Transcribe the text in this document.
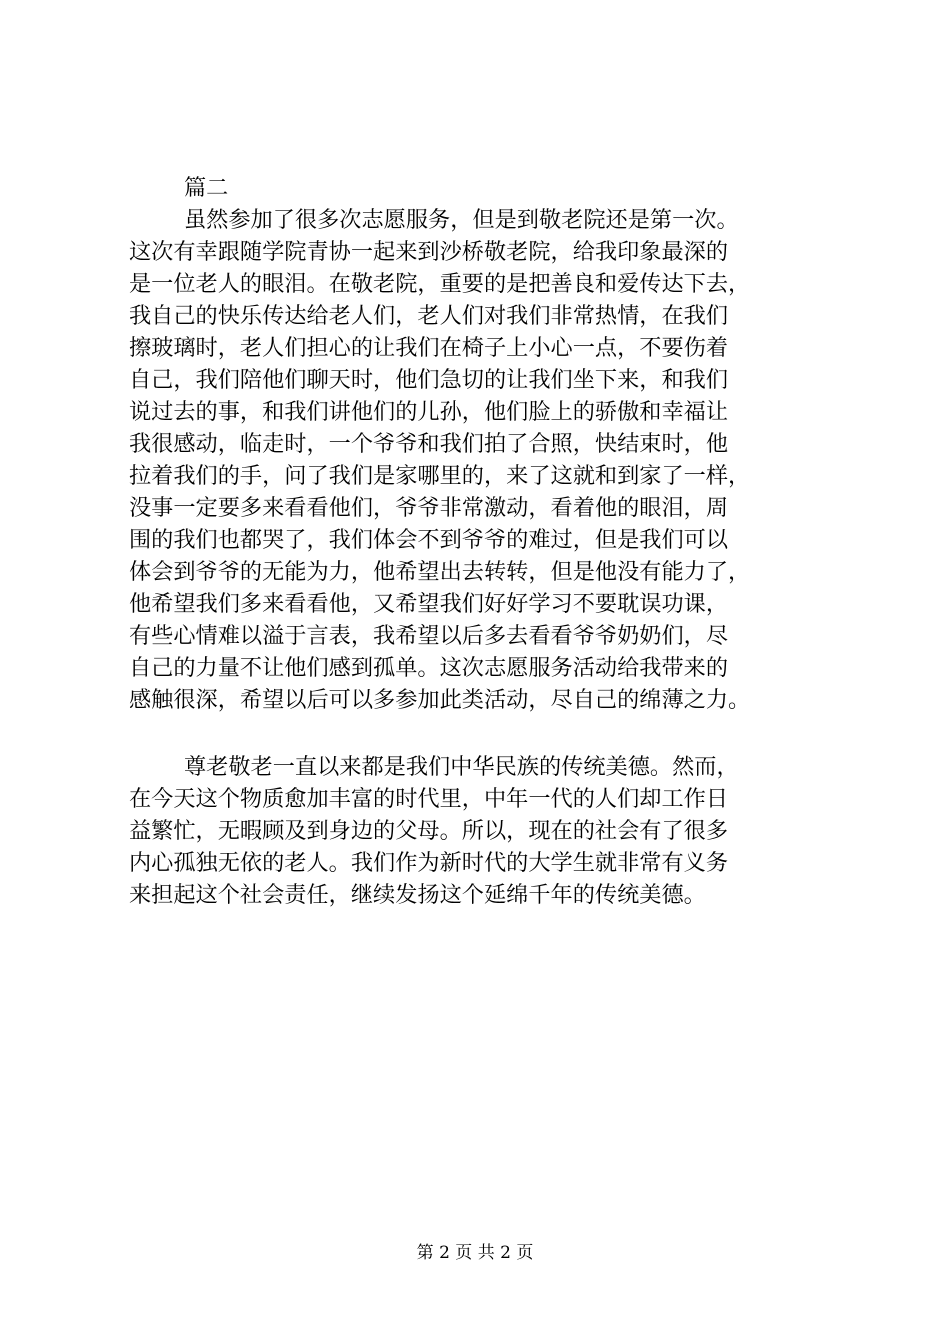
篇二
虽然参加了很多次志愿服务，但是到敬老院还是第一次。
这次有幸跟随学院青协一起来到沙桥敬老院，给我印象最深的
是一位老人的眼泪。在敬老院，重要的是把善良和爱传达下去，
我自己的快乐传达给老人们，老人们对我们非常热情，在我们
擦玻璃时，老人们担心的让我们在椅子上小心一点，不要伤着
自己，我们陪他们聊天时，他们急切的让我们坐下来，和我们
说过去的事，和我们讲他们的儿孙，他们脸上的骄傲和幸福让
我很感动，临走时，一个爷爷和我们拍了合照，快结束时，他
拉着我们的手，问了我们是家哪里的，来了这就和到家了一样，
没事一定要多来看看他们，爷爷非常激动，看着他的眼泪，周
围的我们也都哭了，我们体会不到爷爷的难过，但是我们可以
体会到爷爷的无能为力，他希望出去转转，但是他没有能力了，
他希望我们多来看看他，又希望我们好好学习不要耽误功课，
有些心情难以溢于言表，我希望以后多去看看爷爷奶奶们，尽
自己的力量不让他们感到孤单。这次志愿服务活动给我带来的
感触很深，希望以后可以多参加此类活动，尽自己的绵薄之力。
尊老敬老一直以来都是我们中华民族的传统美德。然而，
在今天这个物质愈加丰富的时代里，中年一代的人们却工作日
益繁忙，无暇顾及到身边的父母。所以，现在的社会有了很多
内心孤独无依的老人。我们作为新时代的大学生就非常有义务
来担起这个社会责任，继续发扬这个延绵千年的传统美德。
第 2 页 共 2 页
